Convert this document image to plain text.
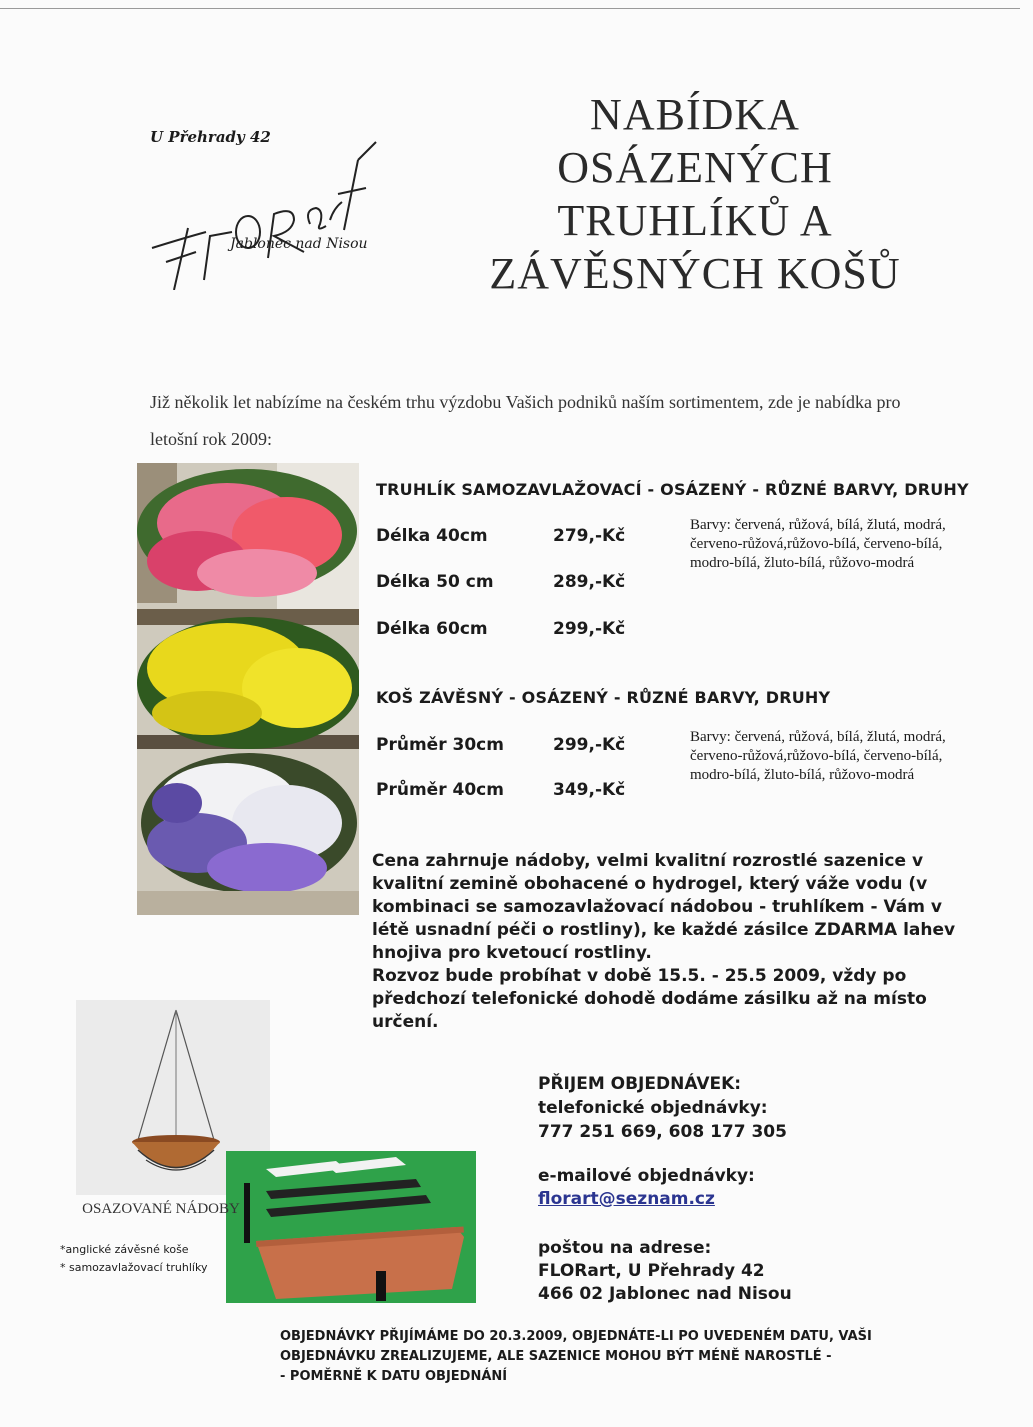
U Přehrady 42
Jablonec nad Nisou
NABÍDKA
OSÁZENÝCH
TRUHLÍKŮ A
ZÁVĚSNÝCH KOŠŮ
Již několik let nabízíme na českém trhu výzdobu Vašich podniků naším sortimentem, zde je nabídka pro letošní rok 2009:
TRUHLÍK SAMOZAVLAŽOVACÍ - OSÁZENÝ - RŮZNÉ BARVY, DRUHY
Délka 40cm	279,-Kč
Délka 50 cm	289,-Kč
Délka 60cm	299,-Kč
Barvy: červená, růžová, bílá, žlutá, modrá, červeno-růžová,růžovo-bílá, červeno-bílá, modro-bílá, žluto-bílá, růžovo-modrá
KOŠ ZÁVĚSNÝ - OSÁZENÝ - RŮZNÉ BARVY, DRUHY
Průměr 30cm	299,-Kč
Průměr 40cm	349,-Kč
Barvy: červená, růžová, bílá, žlutá, modrá, červeno-růžová,růžovo-bílá, červeno-bílá, modro-bílá, žluto-bílá, růžovo-modrá

Cena zahrnuje nádoby, velmi kvalitní rozrostlé sazenice v kvalitní zemině obohacené o hydrogel, který váže vodu (v kombinaci se samozavlažovací nádobou - truhlíkem - Vám v létě usnadní péči o rostliny), ke každé zásilce ZDARMA lahev hnojiva pro kvetoucí rostliny.

Rozvoz bude probíhat v době 15.5. - 25.5 2009, vždy po předchozí telefonické dohodě dodáme zásilku až na místo určení.

OSAZOVANÉ NÁDOBY
*anglické závěsné koše
* samozavlažovací truhlíky
PŘIJEM OBJEDNÁVEK:
telefonické objednávky:
777 251 669, 608 177 305
e-mailové objednávky:
florart@seznam.cz
poštou na adrese:
FLORart, U Přehrady 42
466 02 Jablonec nad Nisou
OBJEDNÁVKY PŘIJÍMÁME DO 20.3.2009, OBJEDNÁTE-LI PO UVEDENÉM DATU, VAŠI
OBJEDNÁVKU ZREALIZUJEME, ALE SAZENICE MOHOU BÝT MÉNĚ NAROSTLÉ -
- POMĚRNĚ K DATU OBJEDNÁNÍ
